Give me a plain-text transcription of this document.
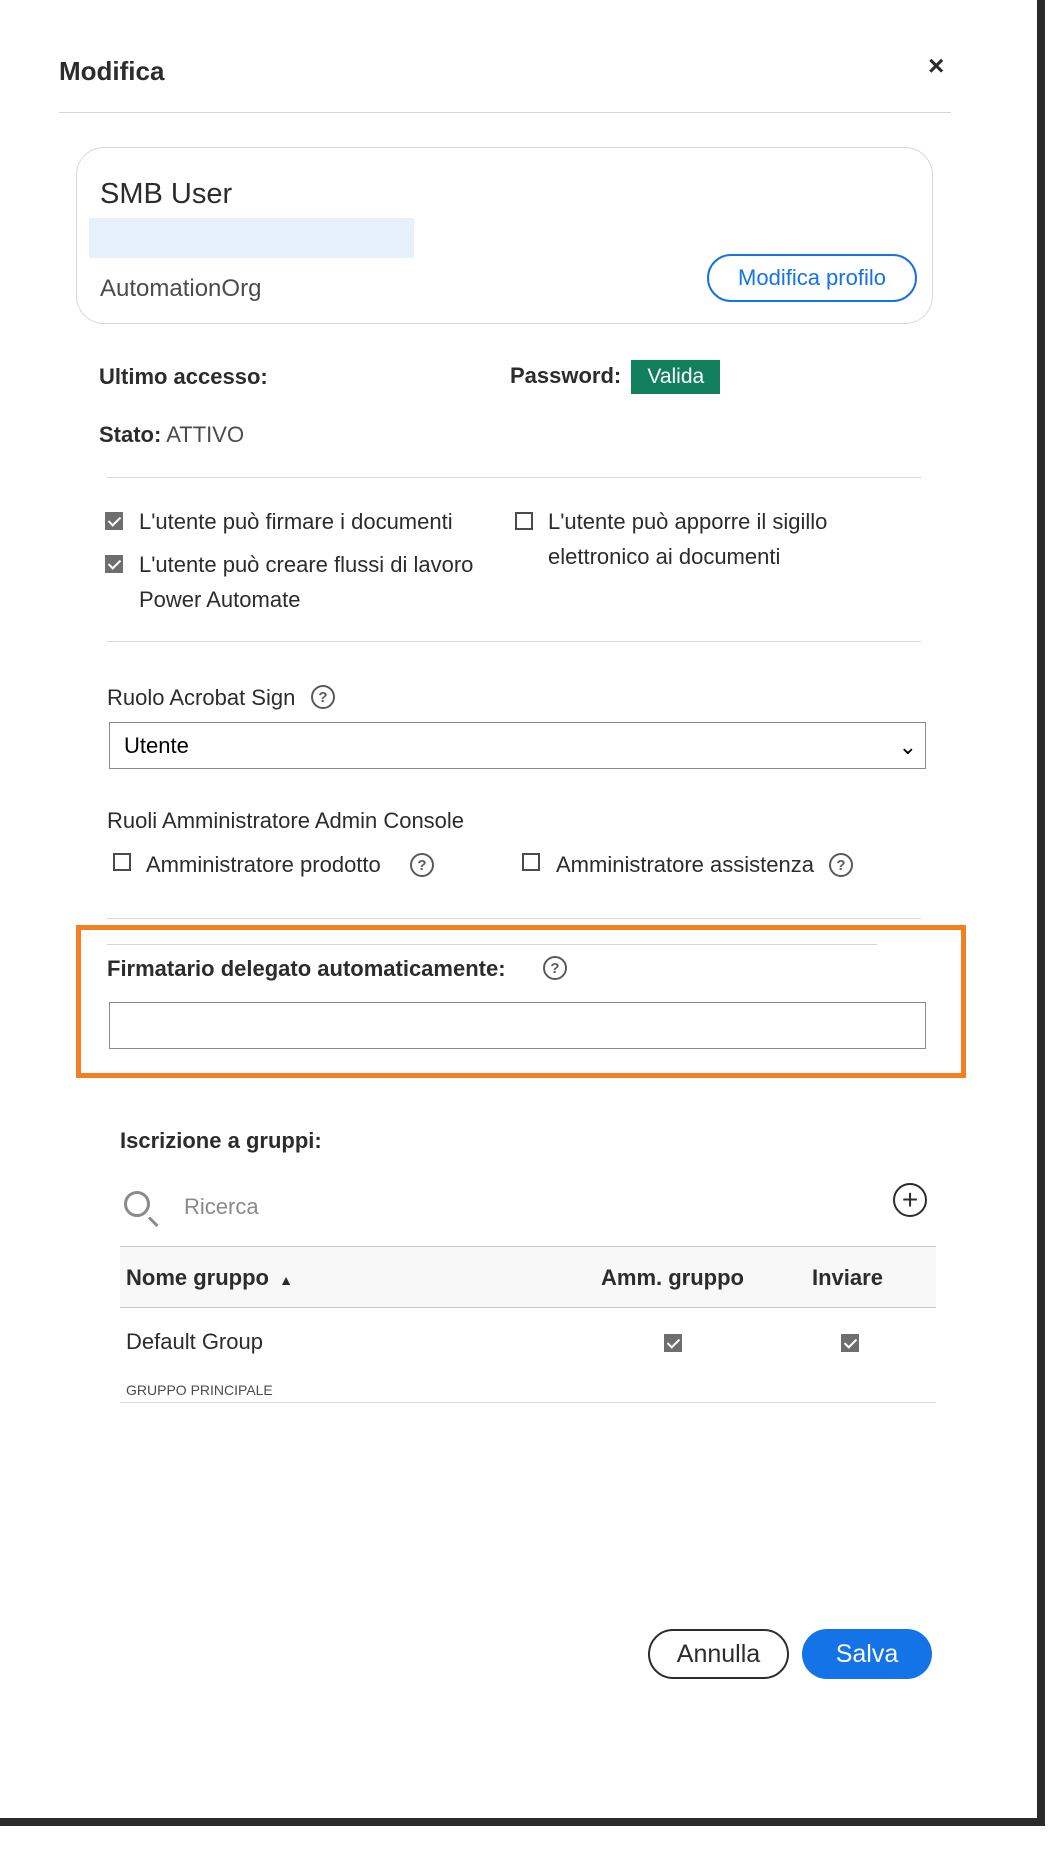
Modifica	×
SMB User
AutomationOrg	Modifica profilo
Ultimo accesso:	Password: Valida
Stato: ATTIVO
L'utente può firmare i documenti
L'utente può creare flussi di lavoro Power Automate
L'utente può apporre il sigillo elettronico ai documenti
Ruolo Acrobat Sign	?
Utente	⌄
Ruoli Amministratore Admin Console
Amministratore prodotto	?	Amministratore assistenza	?
Firmatario delegato automaticamente:	?
Iscrizione a gruppi:
Ricerca
+
Nome gruppo ▲	Amm. gruppo	Inviare
Default Group
GRUPPO PRINCIPALE
Annulla	Salva
